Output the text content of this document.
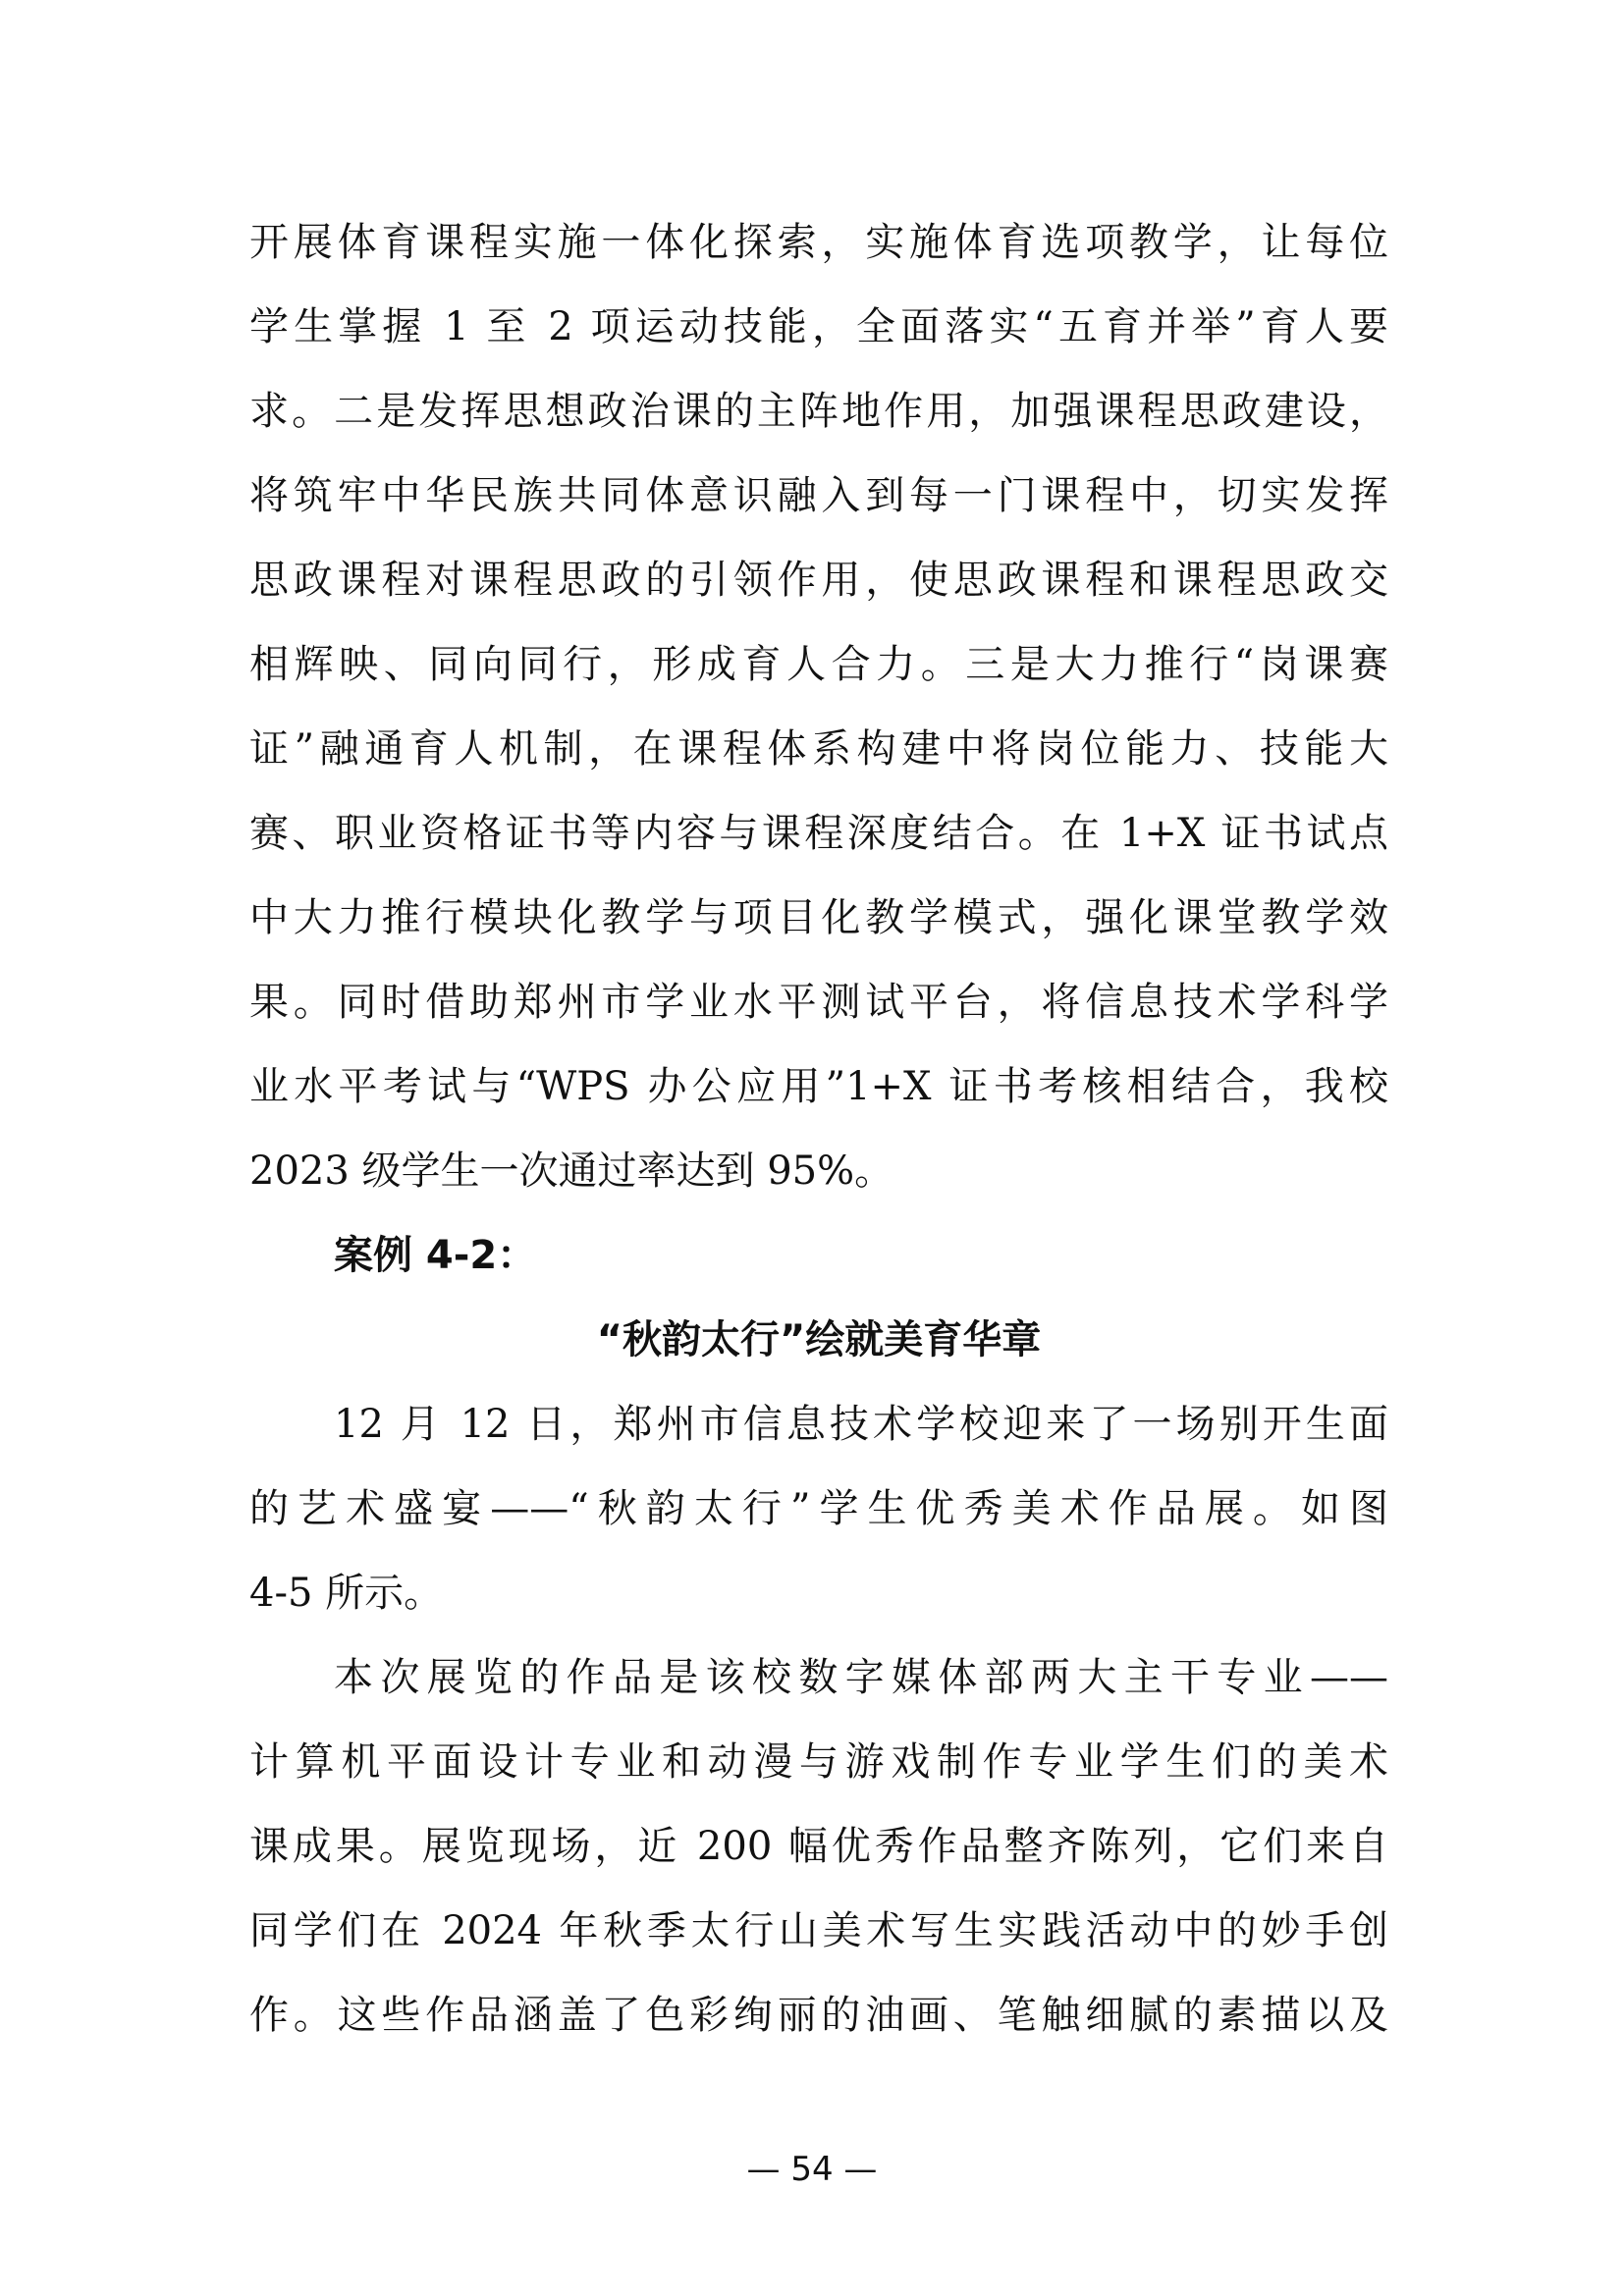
开展体育课程实施一体化探索，实施体育选项教学，让每位
学生掌握 1 至 2 项运动技能，全面落实“五育并举”育人要
求。二是发挥思想政治课的主阵地作用，加强课程思政建设，
将筑牢中华民族共同体意识融入到每一门课程中，切实发挥
思政课程对课程思政的引领作用，使思政课程和课程思政交
相辉映、同向同行，形成育人合力。三是大力推行“岗课赛
证”融通育人机制，在课程体系构建中将岗位能力、技能大
赛、职业资格证书等内容与课程深度结合。在 1+X 证书试点
中大力推行模块化教学与项目化教学模式，强化课堂教学效
果。同时借助郑州市学业水平测试平台，将信息技术学科学
业水平考试与“WPS 办公应用”1+X 证书考核相结合，我校
2023 级学生一次通过率达到 95%。
案例 4-2：
“秋韵太行”绘就美育华章
12 月 12 日，郑州市信息技术学校迎来了一场别开生面
的艺术盛宴——“秋韵太行”学生优秀美术作品展。如图
4-5 所示。
本次展览的作品是该校数字媒体部两大主干专业——
计算机平面设计专业和动漫与游戏制作专业学生们的美术
课成果。展览现场，近 200 幅优秀作品整齐陈列，它们来自
同学们在 2024 年秋季太行山美术写生实践活动中的妙手创
作。这些作品涵盖了色彩绚丽的油画、笔触细腻的素描以及
— 54 —
